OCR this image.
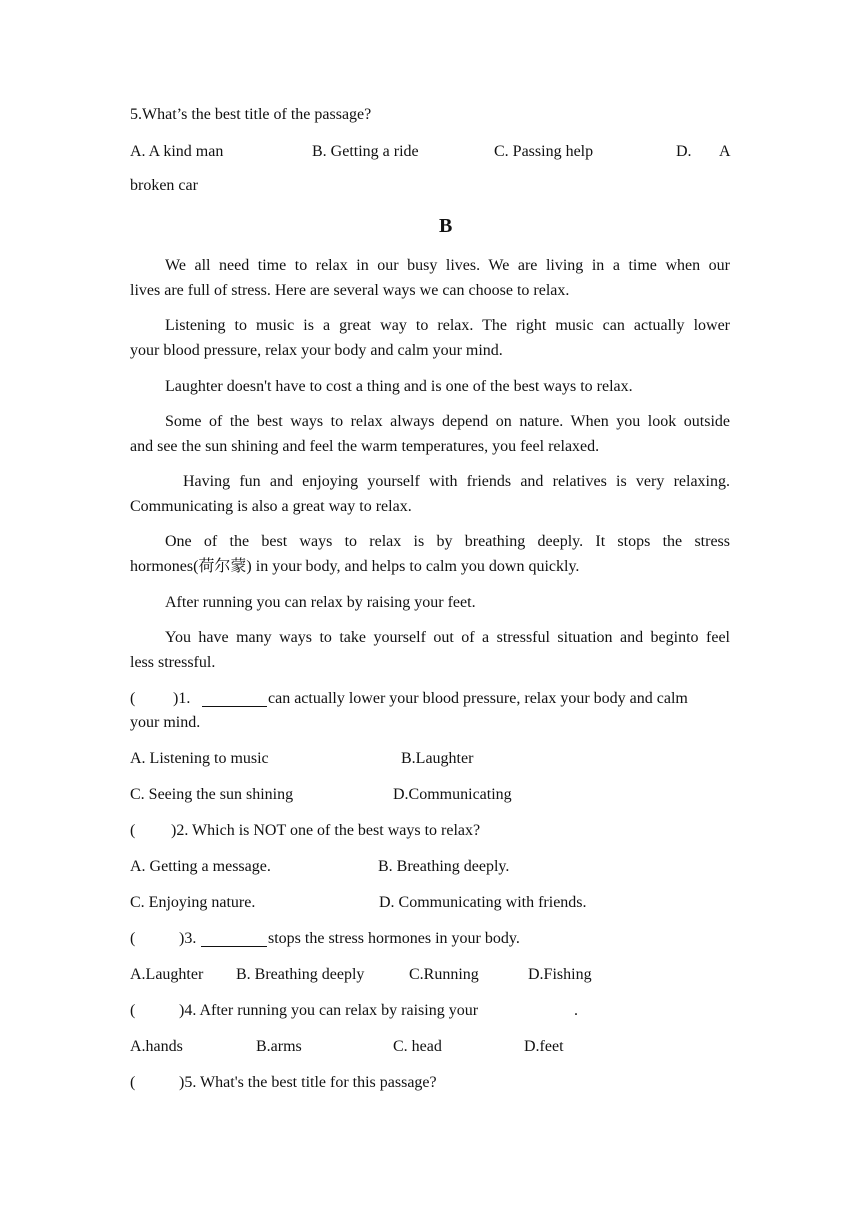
5.What’s the best title of the passage?
A. A kind man	B. Getting a ride	C. Passing help	D. A
broken car
B
We all need time to relax in our busy lives. We are living in a time when our
lives are full of stress. Here are several ways we can choose to relax.
Listening to music is a great way to relax. The right music can actually lower
your blood pressure, relax your body and calm your mind.
Laughter doesn't have to cost a thing and is one of the best ways to relax.
Some of the best ways to relax always depend on nature. When you look outside
and see the sun shining and feel the warm temperatures, you feel relaxed.
Having fun and enjoying yourself with friends and relatives is very relaxing.
Communicating is also a great way to relax.
One of the best ways to relax is by breathing deeply. It stops the stress
hormones(荷尔蒙) in your body, and helps to calm you down quickly.
After running you can relax by raising your feet.
You have many ways to take yourself out of a stressful situation and beginto feel
less stressful.
( )1.	can actually lower your blood pressure, relax your body and calm
your mind.
A. Listening to music	B.Laughter
C. Seeing the sun shining	D.Communicating
( )2. Which is NOT one of the best ways to relax?
A. Getting a message.	B. Breathing deeply.
C. Enjoying nature.	D. Communicating with friends.
(	)3.	stops the stress hormones in your body.
A.Laughter B. Breathing deeply	C.Running	D.Fishing
(	)4. After running you can relax by raising your	.
A.hands	B.arms	C. head	D.feet
(	)5. What's the best title for this passage?
